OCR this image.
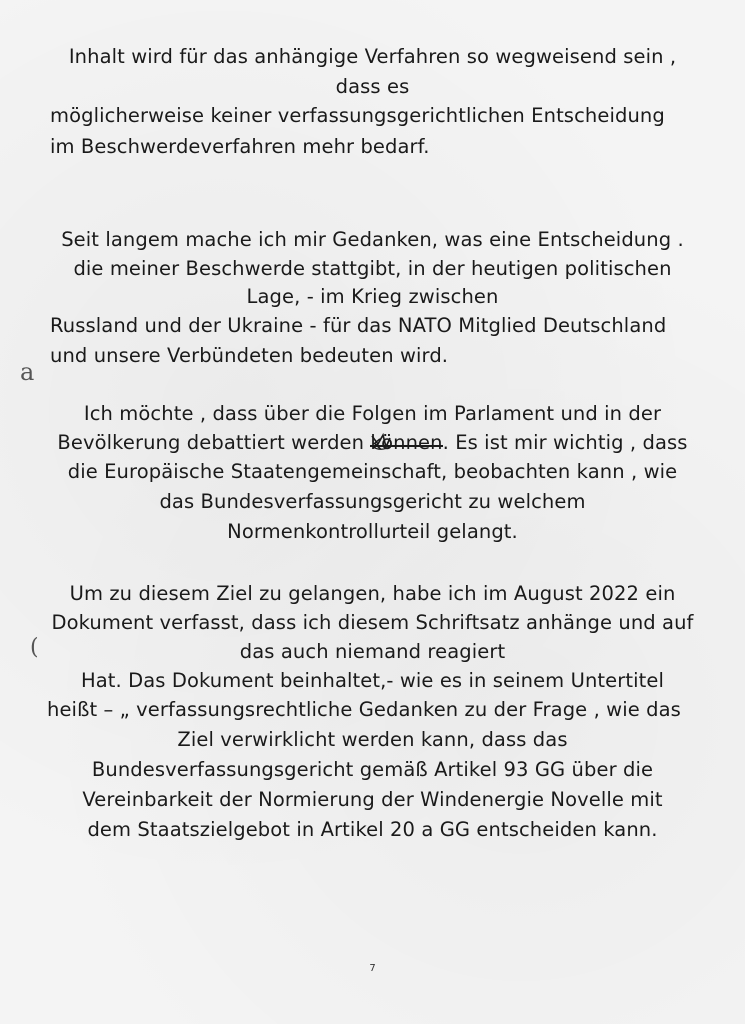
Inhalt wird für das anhängige Verfahren so wegweisend sein ,
dass es
möglicherweise keiner verfassungsgerichtlichen Entscheidung
im Beschwerdeverfahren mehr bedarf.
Seit langem mache ich mir Gedanken, was eine Entscheidung .
die meiner Beschwerde stattgibt, in der heutigen politischen
Lage, - im Krieg zwischen
Russland und der Ukraine - für das NATO Mitglied Deutschland
und unsere Verbündeten bedeuten wird.
a
Ich möchte , dass über die Folgen im Parlament und in der
Bevölkerung debattiert werden können
. Es ist mir wichtig , dass
die Europäische Staatengemeinschaft, beobachten kann , wie
das Bundesverfassungsgericht zu welchem
Normenkontrollurteil gelangt.
Um zu diesem Ziel zu gelangen, habe ich im August 2022 ein
Dokument verfasst, dass ich diesem Schriftsatz anhänge und auf
das auch niemand reagiert
(
Hat. Das Dokument beinhaltet,- wie es in seinem Untertitel
heißt – „ verfassungsrechtliche Gedanken zu der Frage , wie das
Ziel verwirklicht werden kann, dass das
Bundesverfassungsgericht gemäß Artikel 93 GG über die
Vereinbarkeit der Normierung der Windenergie Novelle mit
dem Staatszielgebot in Artikel 20 a GG entscheiden kann.
7
